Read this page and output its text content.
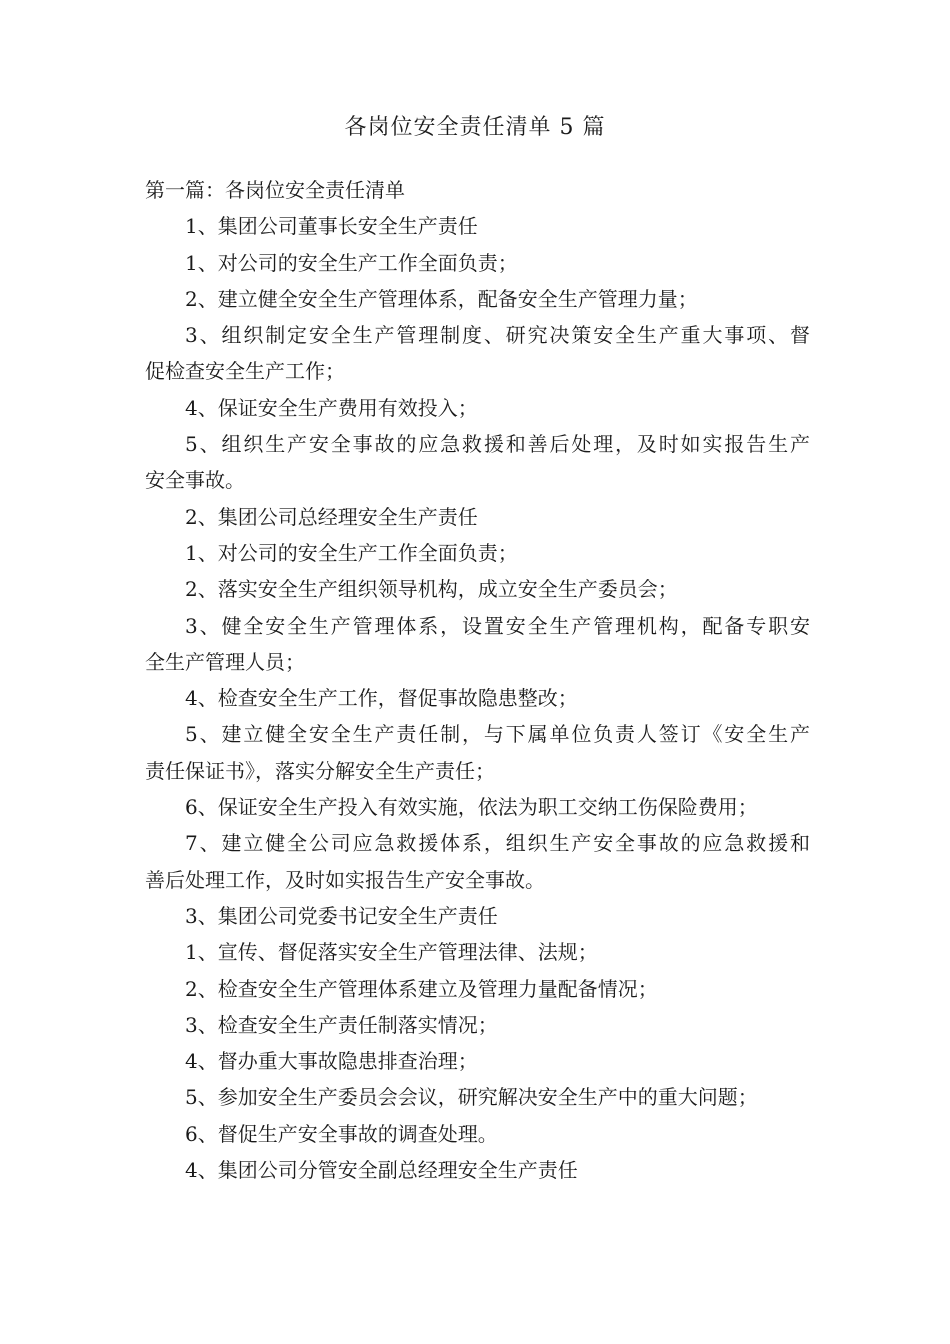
各岗位安全责任清单 5 篇

第一篇：各岗位安全责任清单

1、集团公司董事长安全生产责任

1、对公司的安全生产工作全面负责；

2、建立健全安全生产管理体系，配备安全生产管理力量；

3、组织制定安全生产管理制度、研究决策安全生产重大事项、督

促检查安全生产工作；

4、保证安全生产费用有效投入；

5、组织生产安全事故的应急救援和善后处理，及时如实报告生产

安全事故。

2、集团公司总经理安全生产责任

1、对公司的安全生产工作全面负责；

2、落实安全生产组织领导机构，成立安全生产委员会；

3、健全安全生产管理体系，设置安全生产管理机构，配备专职安

全生产管理人员；

4、检查安全生产工作，督促事故隐患整改；

5、建立健全安全生产责任制，与下属单位负责人签订《安全生产

责任保证书》，落实分解安全生产责任；

6、保证安全生产投入有效实施，依法为职工交纳工伤保险费用；

7、建立健全公司应急救援体系，组织生产安全事故的应急救援和

善后处理工作，及时如实报告生产安全事故。

3、集团公司党委书记安全生产责任

1、宣传、督促落实安全生产管理法律、法规；

2、检查安全生产管理体系建立及管理力量配备情况；

3、检查安全生产责任制落实情况；

4、督办重大事故隐患排查治理；

5、参加安全生产委员会会议，研究解决安全生产中的重大问题；

6、督促生产安全事故的调查处理。

4、集团公司分管安全副总经理安全生产责任
